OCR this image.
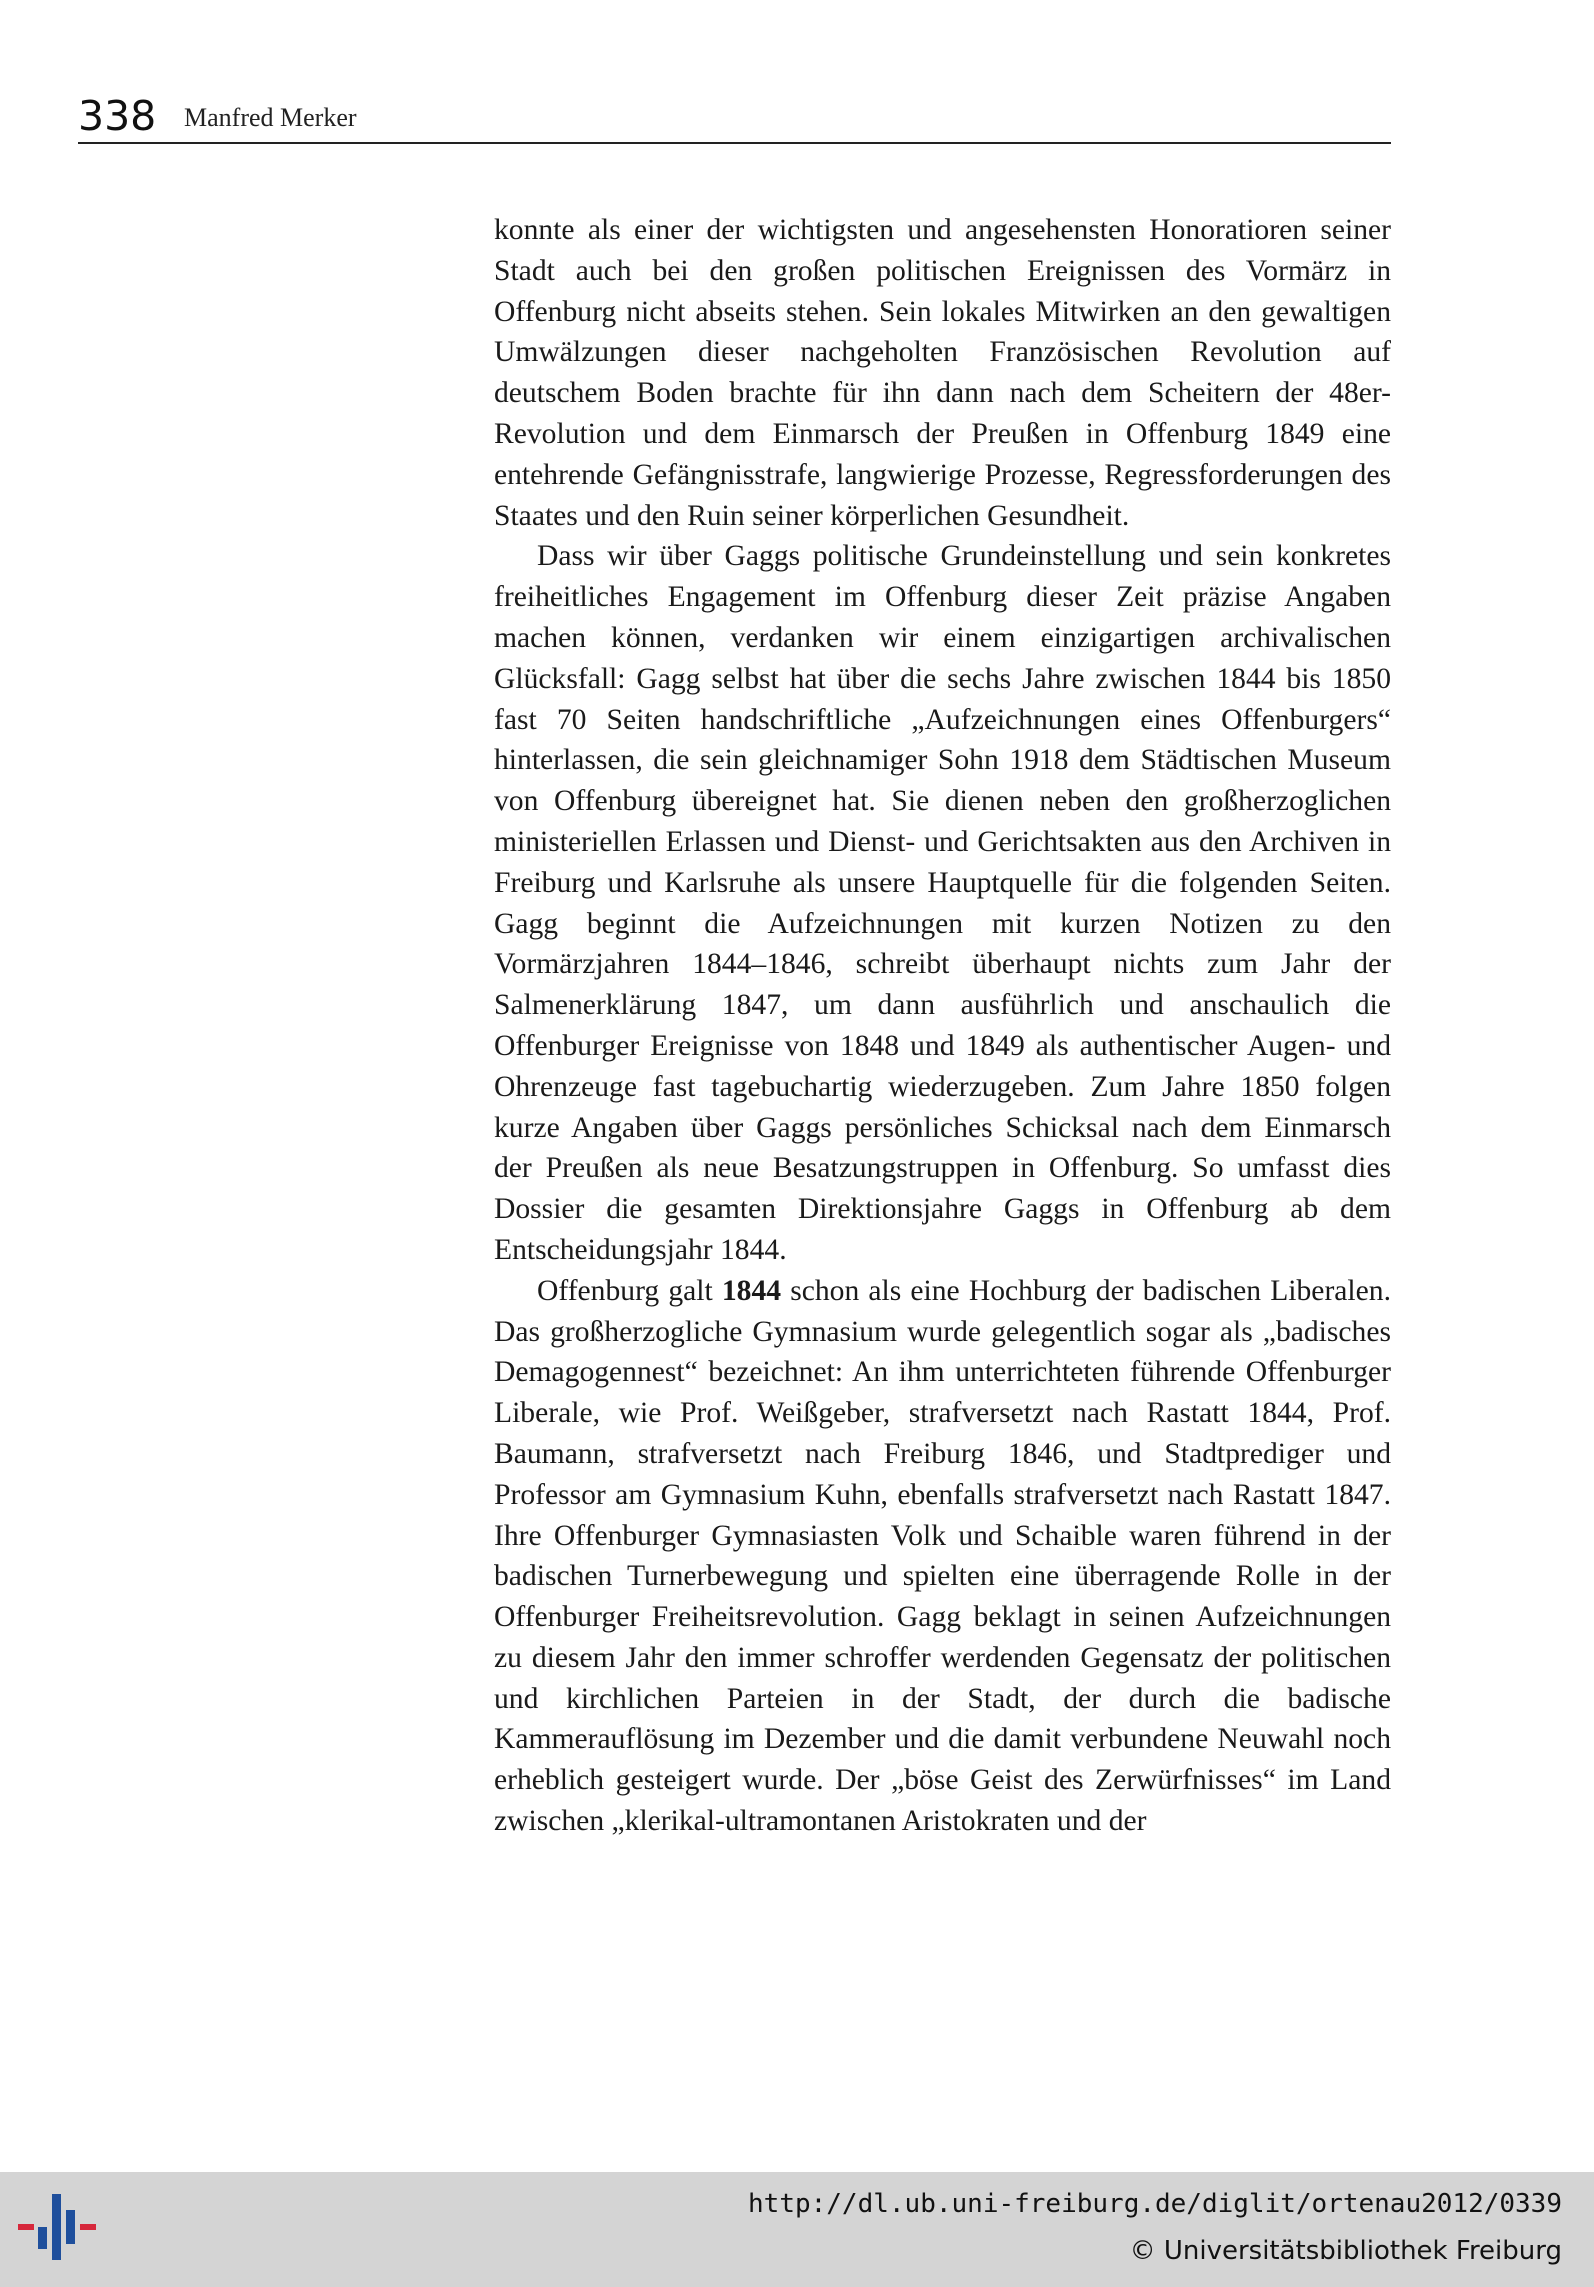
338 Manfred Merker

konnte als einer der wichtigsten und angesehensten Honoratioren seiner Stadt auch bei den großen politischen Ereignissen des Vormärz in Offenburg nicht abseits stehen. Sein lokales Mitwirken an den gewaltigen Umwälzungen dieser nachgeholten Französischen Revolution auf deutschem Boden brachte für ihn dann nach dem Scheitern der 48er-Revolution und dem Einmarsch der Preußen in Offenburg 1849 eine entehrende Gefängnisstrafe, langwierige Prozesse, Regressforderungen des Staates und den Ruin seiner körperlichen Gesundheit.

Dass wir über Gaggs politische Grundeinstellung und sein konkretes freiheitliches Engagement im Offenburg dieser Zeit präzise Angaben machen können, verdanken wir einem einzigartigen archivalischen Glücksfall: Gagg selbst hat über die sechs Jahre zwischen 1844 bis 1850 fast 70 Seiten handschriftliche „Aufzeichnungen eines Offenburgers“ hinterlassen, die sein gleichnamiger Sohn 1918 dem Städtischen Museum von Offenburg übereignet hat. Sie dienen neben den großherzoglichen ministeriellen Erlassen und Dienst- und Gerichtsakten aus den Archiven in Freiburg und Karlsruhe als unsere Hauptquelle für die folgenden Seiten. Gagg beginnt die Aufzeichnungen mit kurzen Notizen zu den Vormärzjahren 1844–1846, schreibt überhaupt nichts zum Jahr der Salmenerklärung 1847, um dann ausführlich und anschaulich die Offenburger Ereignisse von 1848 und 1849 als authentischer Augen- und Ohrenzeuge fast tagebuchartig wiederzugeben. Zum Jahre 1850 folgen kurze Angaben über Gaggs persönliches Schicksal nach dem Einmarsch der Preußen als neue Besatzungstruppen in Offenburg. So umfasst dies Dossier die gesamten Direktionsjahre Gaggs in Offenburg ab dem Entscheidungsjahr 1844.

Offenburg galt 1844 schon als eine Hochburg der badischen Liberalen. Das großherzogliche Gymnasium wurde gelegentlich sogar als „badisches Demagogennest“ bezeichnet: An ihm unterrichteten führende Offenburger Liberale, wie Prof. Weißgeber, strafversetzt nach Rastatt 1844, Prof. Baumann, strafversetzt nach Freiburg 1846, und Stadtprediger und Professor am Gymnasium Kuhn, ebenfalls strafversetzt nach Rastatt 1847. Ihre Offenburger Gymnasiasten Volk und Schaible waren führend in der badischen Turnerbewegung und spielten eine überragende Rolle in der Offenburger Freiheitsrevolution. Gagg beklagt in seinen Aufzeichnungen zu diesem Jahr den immer schroffer werdenden Gegensatz der politischen und kirchlichen Parteien in der Stadt, der durch die badische Kammerauflösung im Dezember und die damit verbundene Neuwahl noch erheblich gesteigert wurde. Der „böse Geist des Zerwürfnisses“ im Land zwischen „klerikal-ultramontanen Aristokraten und der

http://dl.ub.uni-freiburg.de/diglit/ortenau2012/0339
© Universitätsbibliothek Freiburg
